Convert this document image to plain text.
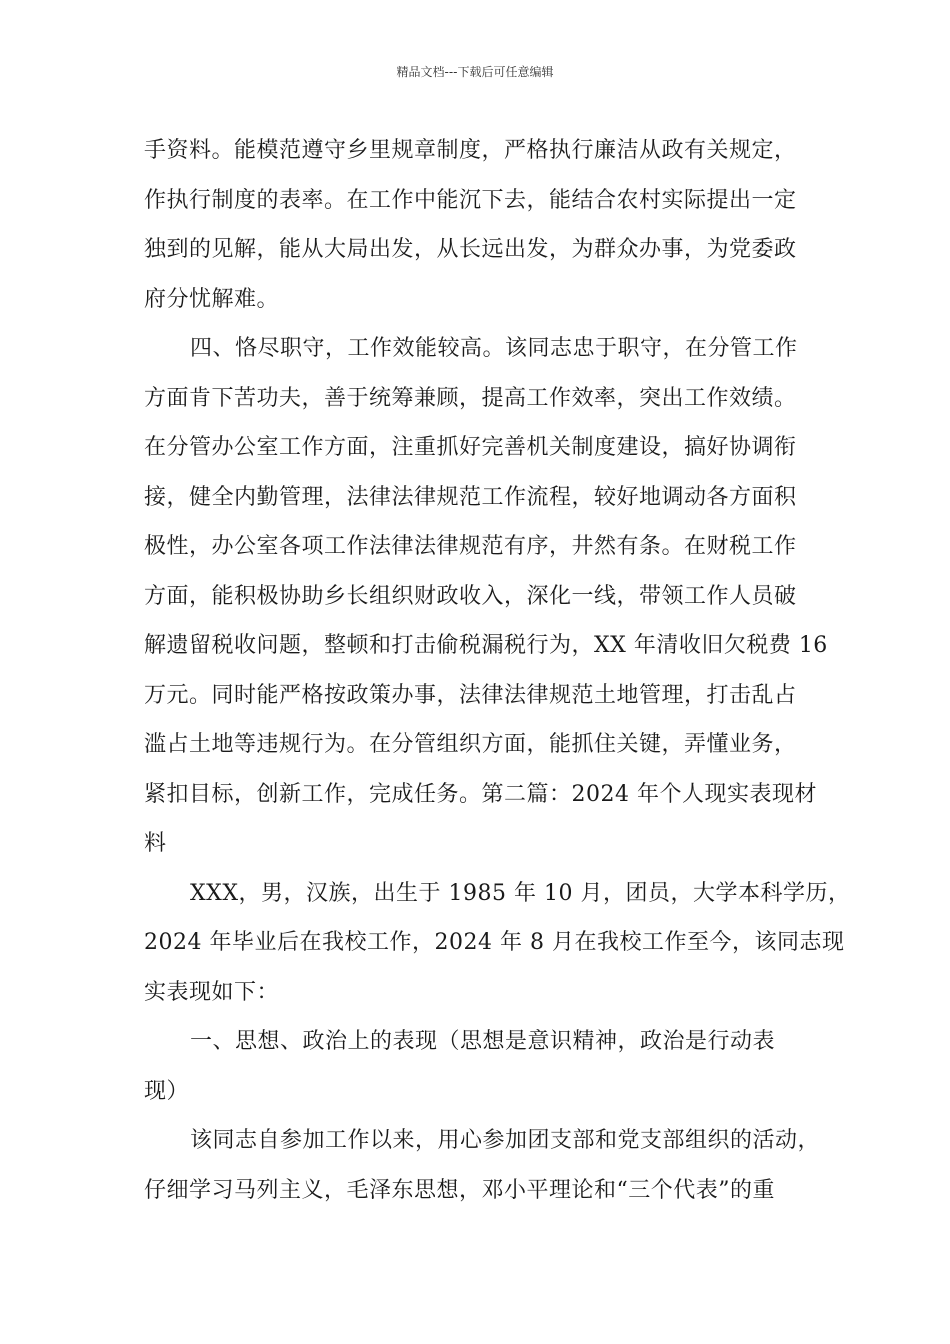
精品文档---下载后可任意编辑
手资料。能模范遵守乡里规章制度，严格执行廉洁从政有关规定，
作执行制度的表率。在工作中能沉下去，能结合农村实际提出一定
独到的见解，能从大局出发，从长远出发，为群众办事，为党委政
府分忧解难。
四、恪尽职守，工作效能较高。该同志忠于职守，在分管工作
方面肯下苦功夫，善于统筹兼顾，提高工作效率，突出工作效绩。
在分管办公室工作方面，注重抓好完善机关制度建设，搞好协调衔
接，健全内勤管理，法律法律规范工作流程，较好地调动各方面积
极性，办公室各项工作法律法律规范有序，井然有条。在财税工作
方面，能积极协助乡长组织财政收入，深化一线，带领工作人员破
解遗留税收问题，整顿和打击偷税漏税行为，XX 年清收旧欠税费 16
万元。同时能严格按政策办事，法律法律规范土地管理，打击乱占
滥占土地等违规行为。在分管组织方面，能抓住关键，弄懂业务，
紧扣目标，创新工作，完成任务。第二篇：2024 年个人现实表现材
料
XXX，男，汉族，出生于 1985 年 10 月，团员，大学本科学历，
2024 年毕业后在我校工作，2024 年 8 月在我校工作至今，该同志现
实表现如下：
一、思想、政治上的表现（思想是意识精神，政治是行动表
现）
该同志自参加工作以来，用心参加团支部和党支部组织的活动，
仔细学习马列主义，毛泽东思想，邓小平理论和“三个代表”的重
